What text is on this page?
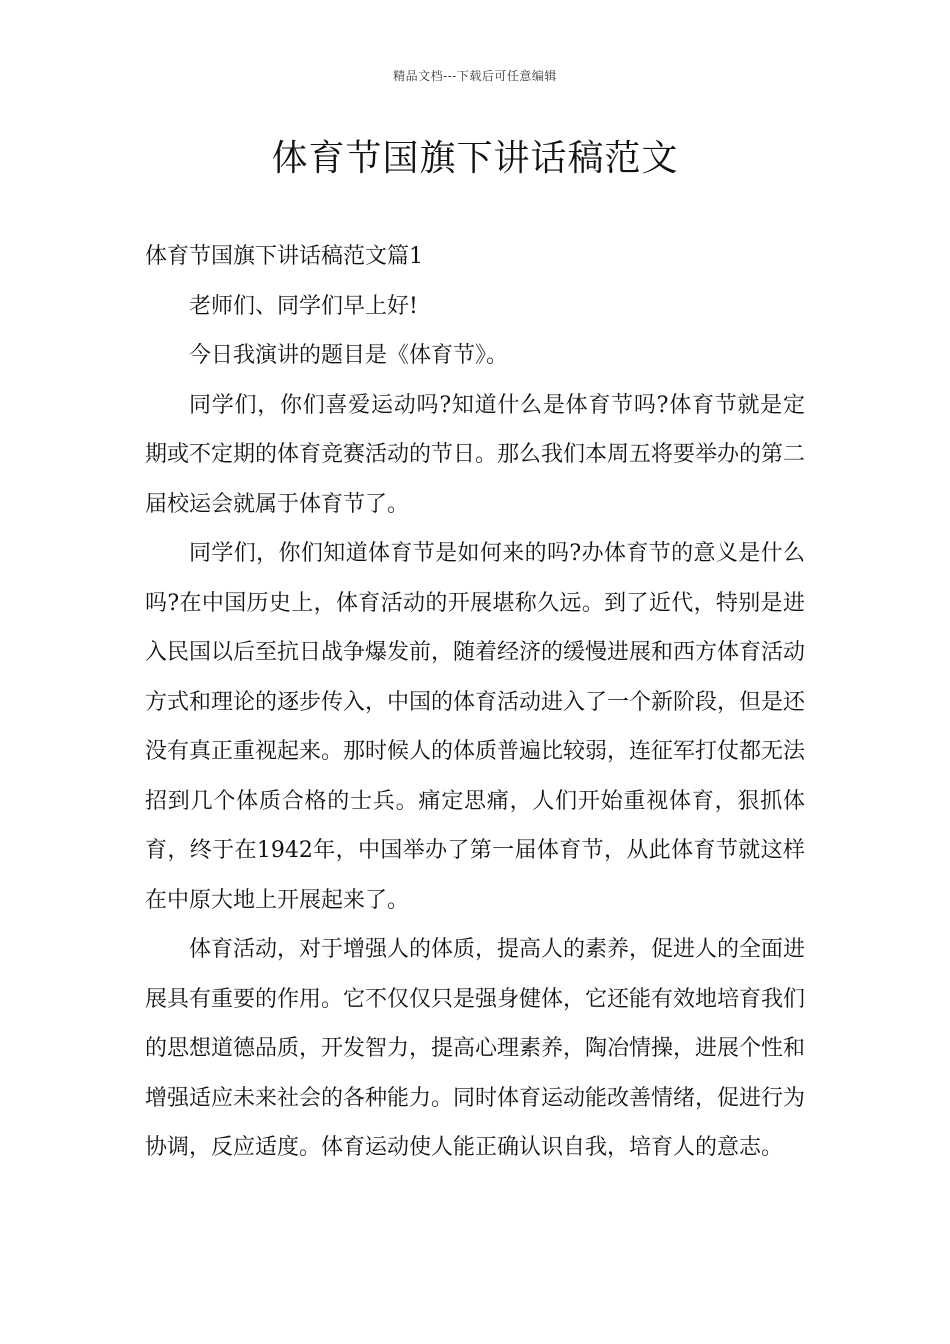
精品文档---下载后可任意编辑
体育节国旗下讲话稿范文
体育节国旗下讲话稿范文篇1

老师们、同学们早上好!

今日我演讲的题目是《体育节》。

同学们，你们喜爱运动吗?知道什么是体育节吗?体育节就是定期或不定期的体育竞赛活动的节日。那么我们本周五将要举办的第二届校运会就属于体育节了。

同学们，你们知道体育节是如何来的吗?办体育节的意义是什么吗?在中国历史上，体育活动的开展堪称久远。到了近代，特别是进入民国以后至抗日战争爆发前，随着经济的缓慢进展和西方体育活动方式和理论的逐步传入，中国的体育活动进入了一个新阶段，但是还没有真正重视起来。那时候人的体质普遍比较弱，连征军打仗都无法招到几个体质合格的士兵。痛定思痛，人们开始重视体育，狠抓体育，终于在1942年，中国举办了第一届体育节，从此体育节就这样在中原大地上开展起来了。

体育活动，对于增强人的体质，提高人的素养，促进人的全面进展具有重要的作用。它不仅仅只是强身健体，它还能有效地培育我们的思想道德品质，开发智力，提高心理素养，陶冶情操，进展个性和增强适应未来社会的各种能力。同时体育运动能改善情绪，促进行为协调，反应适度。体育运动使人能正确认识自我，培育人的意志。
